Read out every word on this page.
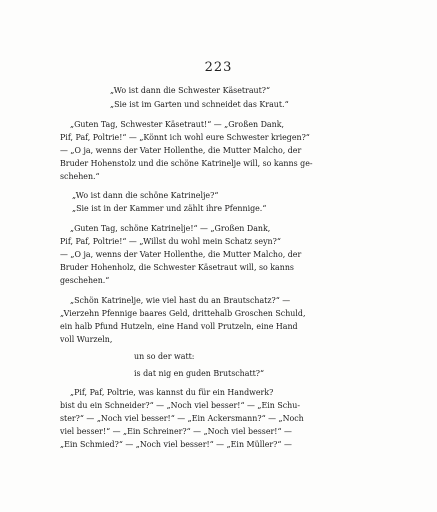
223
„Wo ist dann die Schwester Käsetraut?“
„Sie ist im Garten und schneidet das Kraut.“
„Guten Tag, Schwester Käsetraut!“ — „Großen Dank,
Pif, Paf, Poltrie!“ — „Könnt ich wohl eure Schwester kriegen?“
— „O ja, wenns der Vater Hollenthe, die Mutter Malcho, der
Bruder Hohenstolz und die schöne Katrinelje will, so kanns ge-
schehen.“
„Wo ist dann die schöne Katrinelje?“
„Sie ist in der Kammer und zählt ihre Pfennige.“
„Guten Tag, schöne Katrinelje!“ — „Großen Dank,
Pif, Paf, Poltrie!“ — „Willst du wohl mein Schatz seyn?“
— „O ja, wenns der Vater Hollenthe, die Mutter Malcho, der
Bruder Hohenholz, die Schwester Käsetraut will, so kanns
geschehen.“
„Schön Katrinelje, wie viel hast du an Brautschatz?“ —
„Vierzehn Pfennige baares Geld, drittehalb Groschen Schuld,
ein halb Pfund Hutzeln, eine Hand voll Prutzeln, eine Hand
voll Wurzeln,
un so der watt:
is dat nig en guden Brutschatt?“
„Pif, Paf, Poltrie, was kannst du für ein Handwerk?
bist du ein Schneider?“ — „Noch viel besser!“ — „Ein Schu-
ster?“ — „Noch viel besser!“ — „Ein Ackersmann?“ — „Noch
viel besser!“ — „Ein Schreiner?“ — „Noch viel besser!“ —
„Ein Schmied?“ — „Noch viel besser!“ — „Ein Müller?“ —
